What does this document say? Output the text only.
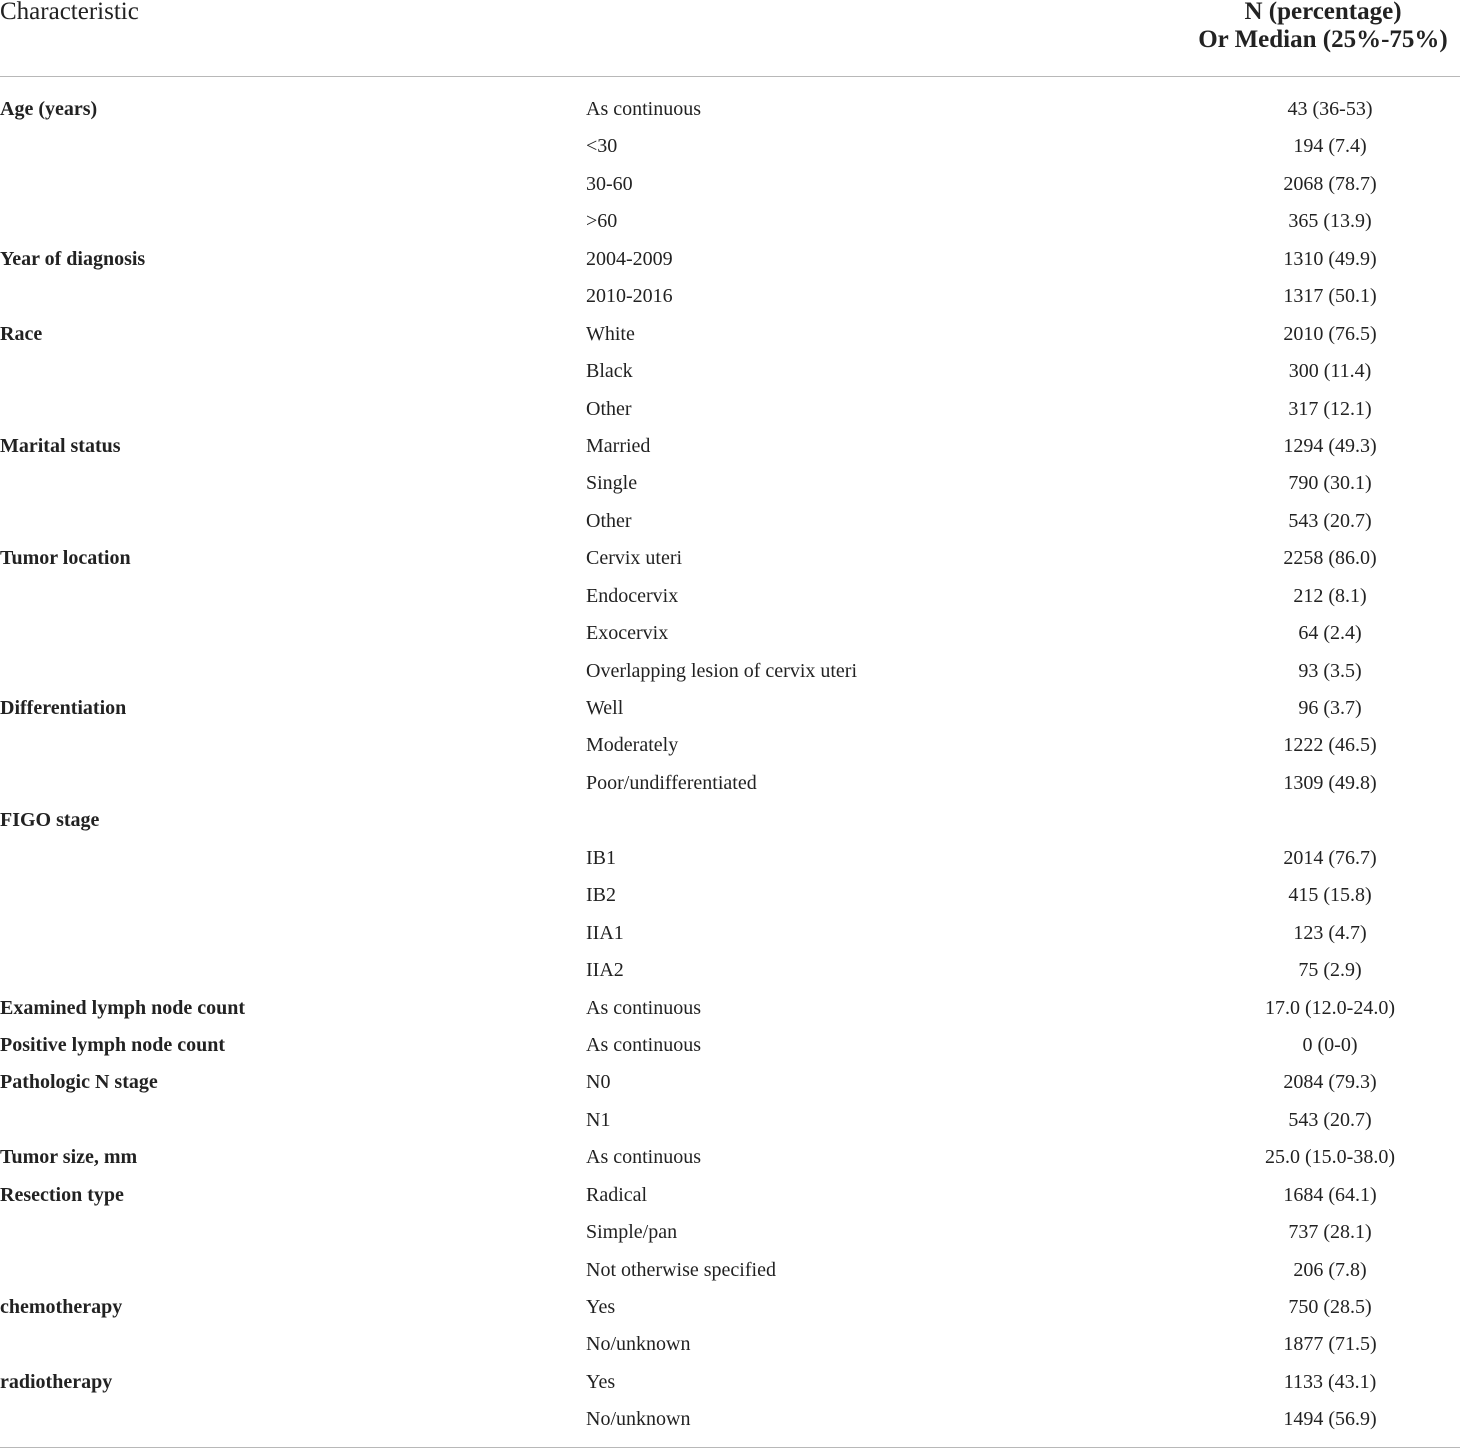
Characteristic	N (percentage)
Or Median (25%-75%)
Age (years)	As continuous	43 (36-53)
<30	194 (7.4)
30-60	2068 (78.7)
>60	365 (13.9)
Year of diagnosis	2004-2009	1310 (49.9)
2010-2016	1317 (50.1)
Race	White	2010 (76.5)
Black	300 (11.4)
Other	317 (12.1)
Marital status	Married	1294 (49.3)
Single	790 (30.1)
Other	543 (20.7)
Tumor location	Cervix uteri	2258 (86.0)
Endocervix	212 (8.1)
Exocervix	64 (2.4)
Overlapping lesion of cervix uteri	93 (3.5)
Differentiation	Well	96 (3.7)
Moderately	1222 (46.5)
Poor/undifferentiated	1309 (49.8)
FIGO stage
IB1	2014 (76.7)
IB2	415 (15.8)
IIA1	123 (4.7)
IIA2	75 (2.9)
Examined lymph node count	As continuous	17.0 (12.0-24.0)
Positive lymph node count	As continuous	0 (0-0)
Pathologic N stage	N0	2084 (79.3)
N1	543 (20.7)
Tumor size, mm	As continuous	25.0 (15.0-38.0)
Resection type	Radical	1684 (64.1)
Simple/pan	737 (28.1)
Not otherwise specified	206 (7.8)
chemotherapy	Yes	750 (28.5)
No/unknown	1877 (71.5)
radiotherapy	Yes	1133 (43.1)
No/unknown	1494 (56.9)
